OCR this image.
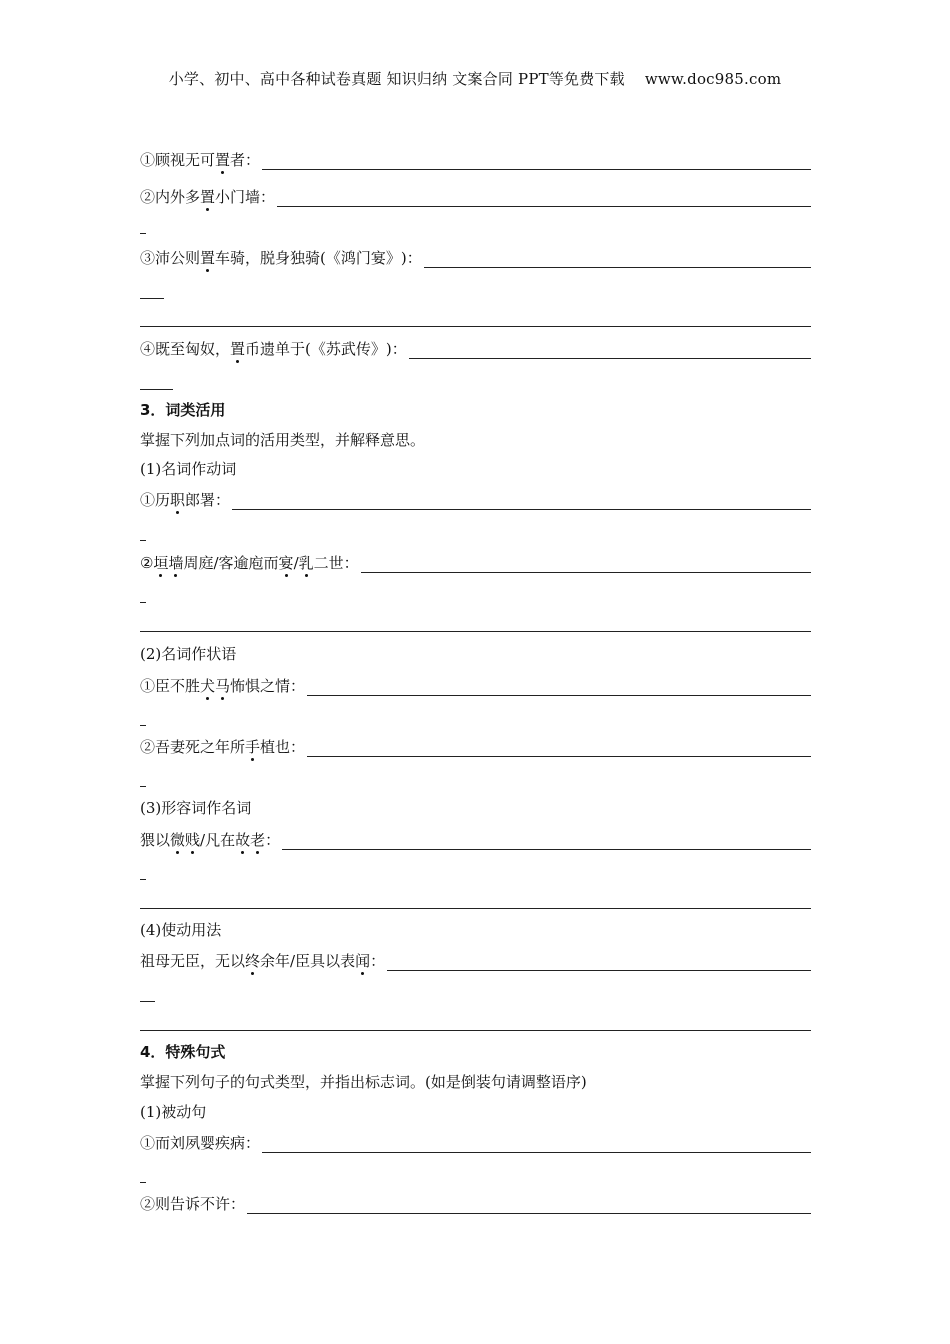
小学、初中、高中各种试卷真题 知识归纳 文案合同 PPT等免费下载 www.doc985.com
①顾视无可 置 者：
②内外多 置 小门墙：
③沛公则 置 车骑，脱身独骑( 《鸿门宴》 )：
④既至匈奴， 置 币遗单于( 《苏武传》 )：
3．词类活用
掌握下列加点词的活用类型，并解释意思。
(1)名词作动词
①历 职 郎署：
② 垣 墙 周庭/客逾庖而 宴 / 乳 二世：
(2)名词作状语
①臣不胜 犬 马 怖惧之情：
②吾妻死之年所 手 植也：
(3)形容词作名词
猥以 微 贱 /凡在 故 老 ：
(4)使动用法
祖母无臣，无以 终 余年/臣具以表 闻 ：
4．特殊句式
掌握下列句子的句式类型，并指出标志词。(如是倒装句请调整语序)
(1)被动句
①而刘夙婴疾病：
②则告诉不许：
